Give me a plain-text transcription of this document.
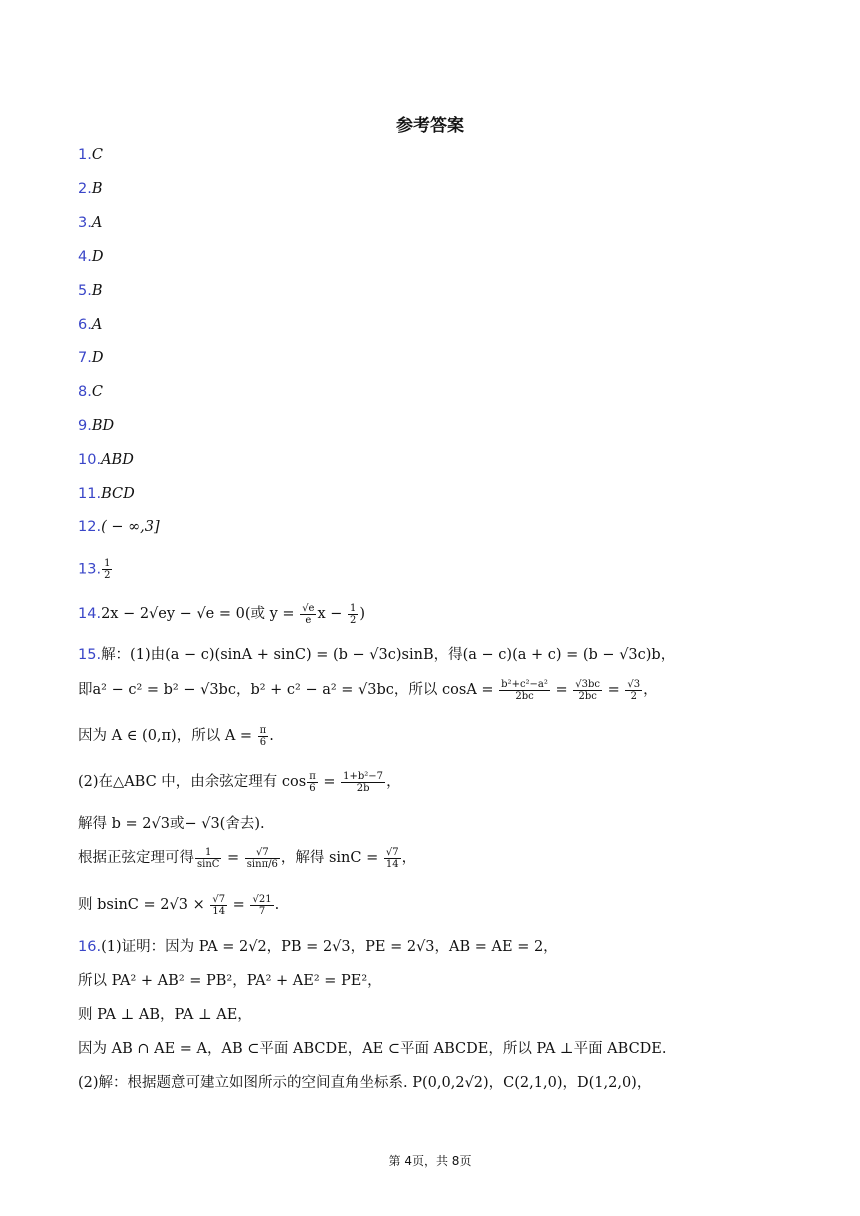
参考答案
1.C
2.B
3.A
4.D
5.B
6.A
7.D
8.C
9.BD
10.ABD
11.BCD
12.( − ∞,3]
13. $\frac{1}{2}$
14.2x − 2√ey − √e = 0(或 $y = \frac{√e}{e}$ $x - \frac{1}{2}$ )
15.解：(1)由(a − c)(sinA + sinC) = (b − √3c)sinB，得(a − c)(a + c) = (b − √3c)b，
即a² − c² = b² − √3bc，b² + c² − a² = √3bc，所以 $\cos A = \frac{\text{b²+c²−a²}}{2bc} = \frac{√3bc}{2bc} = \frac{√3}{2}$ ，
因为 A ∈ (0,π)，所以 $A = \frac{\pi}{6}$ .
(2)在△ABC 中，由余弦定理有 $\cos \frac{\pi}{6} = \frac{\text{1+b²−7}}{2b}$ ，
解得 b = 2√3或− √3(舍去).
根据正弦定理可得 $\frac{1}{\sin C} = \frac{√7}{\sin\pi/6}$ ，解得 $\sin C = \frac{√7}{14}$ ，
则 $bsinC = 2√3 \times \frac{√7}{14} = \frac{√21}{7}$ .
16.(1)证明：因为 PA = 2√2，PB = 2√3，PE = 2√3，AB = AE = 2，
所以 PA² + AB² = PB²，PA² + AE² = PE²，
则 PA ⊥ AB，PA ⊥ AE，
因为 AB ∩ AE = A，AB ⊂平面 ABCDE，AE ⊂平面 ABCDE，所以 PA ⊥平面 ABCDE.
(2)解：根据题意可建立如图所示的空间直角坐标系. P(0,0,2√2)，C(2,1,0)，D(1,2,0)，
第 4页，共 8页
